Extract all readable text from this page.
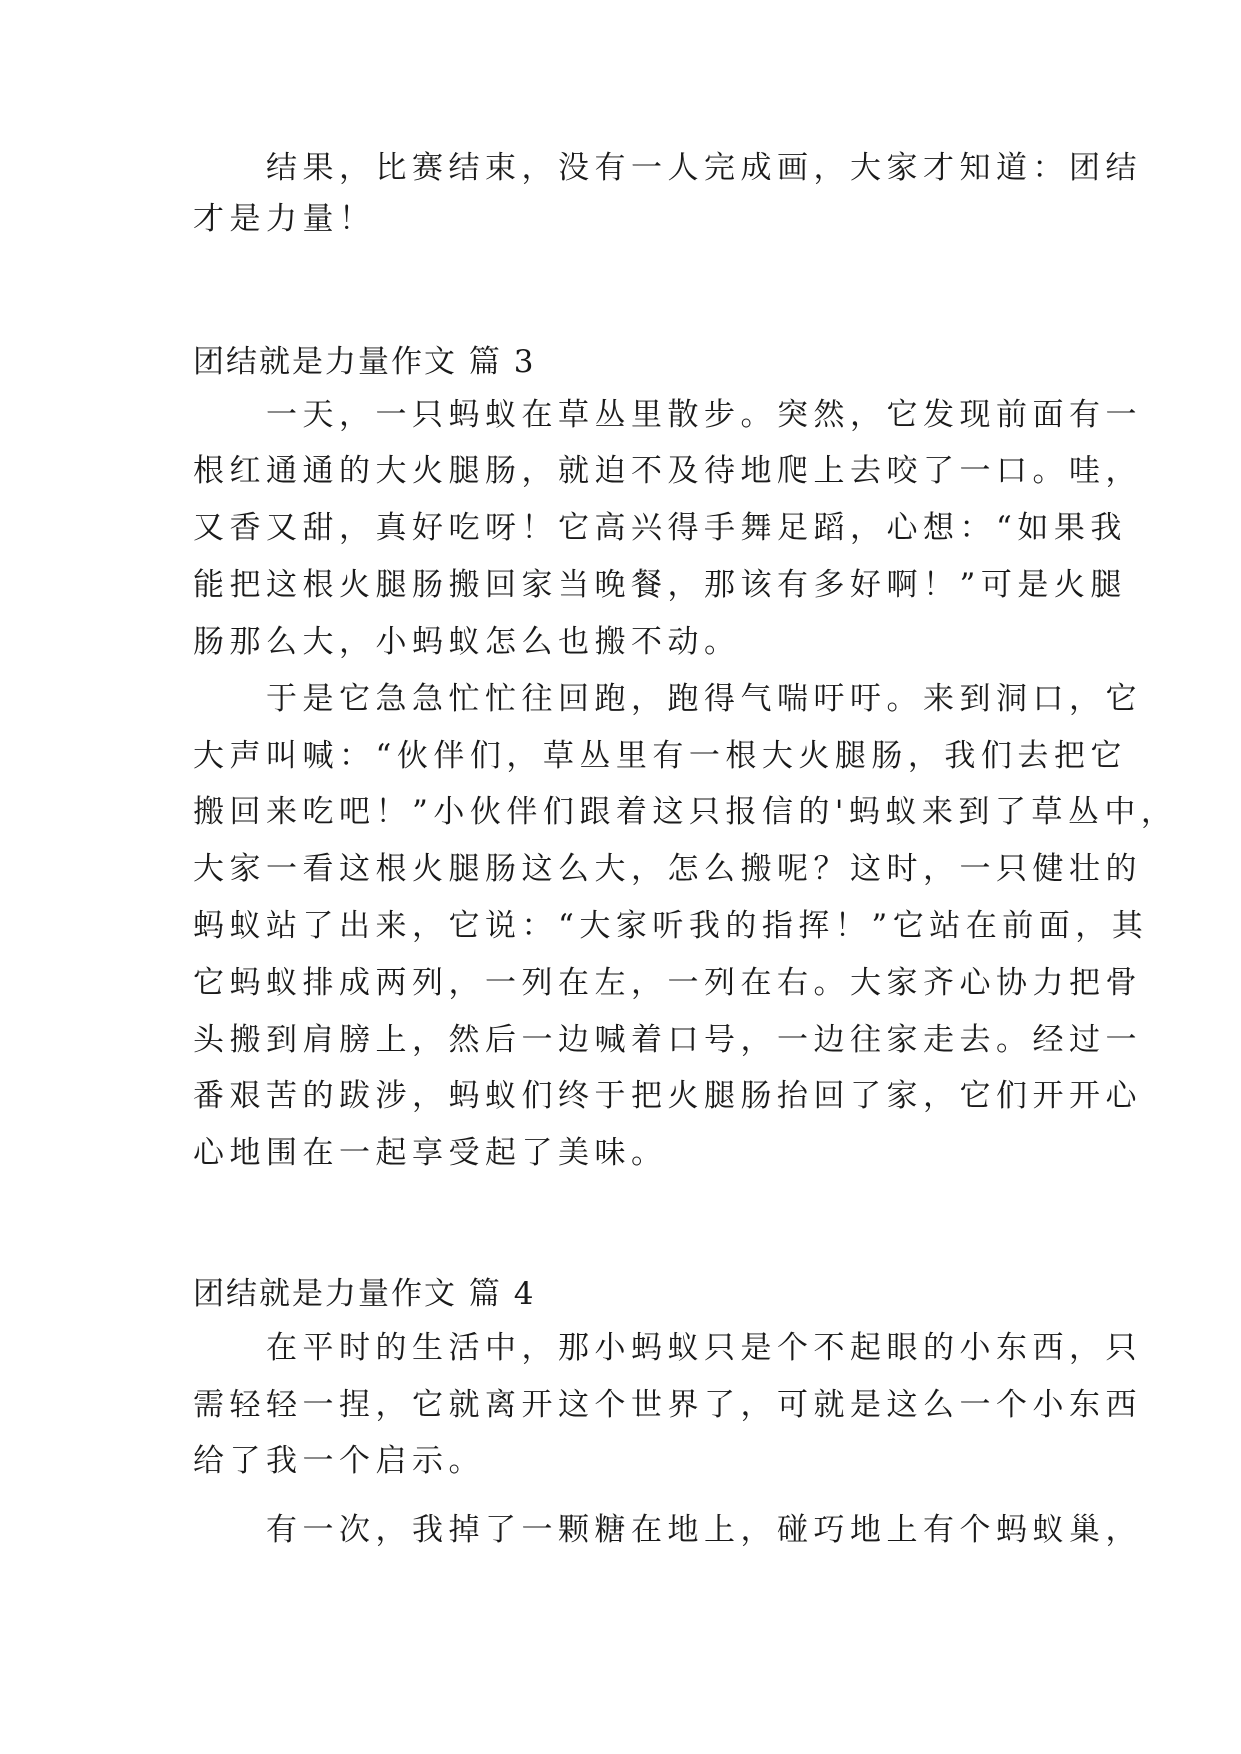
　　结果，比赛结束，没有一人完成画，大家才知道：团结
才是力量！
团结就是力量作文 篇 3
　　一天，一只蚂蚁在草丛里散步。突然，它发现前面有一
根红通通的大火腿肠，就迫不及待地爬上去咬了一口。哇，
又香又甜，真好吃呀！它高兴得手舞足蹈，心想：“如果我
能把这根火腿肠搬回家当晚餐，那该有多好啊！”可是火腿
肠那么大，小蚂蚁怎么也搬不动。
　　于是它急急忙忙往回跑，跑得气喘吁吁。来到洞口，它
大声叫喊：“伙伴们，草丛里有一根大火腿肠，我们去把它
搬回来吃吧！”小伙伴们跟着这只报信的'蚂蚁来到了草丛中，
大家一看这根火腿肠这么大，怎么搬呢？这时，一只健壮的
蚂蚁站了出来，它说：“大家听我的指挥！”它站在前面，其
它蚂蚁排成两列，一列在左，一列在右。大家齐心协力把骨
头搬到肩膀上，然后一边喊着口号，一边往家走去。经过一
番艰苦的跋涉，蚂蚁们终于把火腿肠抬回了家，它们开开心
心地围在一起享受起了美味。
团结就是力量作文 篇 4
　　在平时的生活中，那小蚂蚁只是个不起眼的小东西，只
需轻轻一捏，它就离开这个世界了，可就是这么一个小东西
给了我一个启示。
　　有一次，我掉了一颗糖在地上，碰巧地上有个蚂蚁巢，
